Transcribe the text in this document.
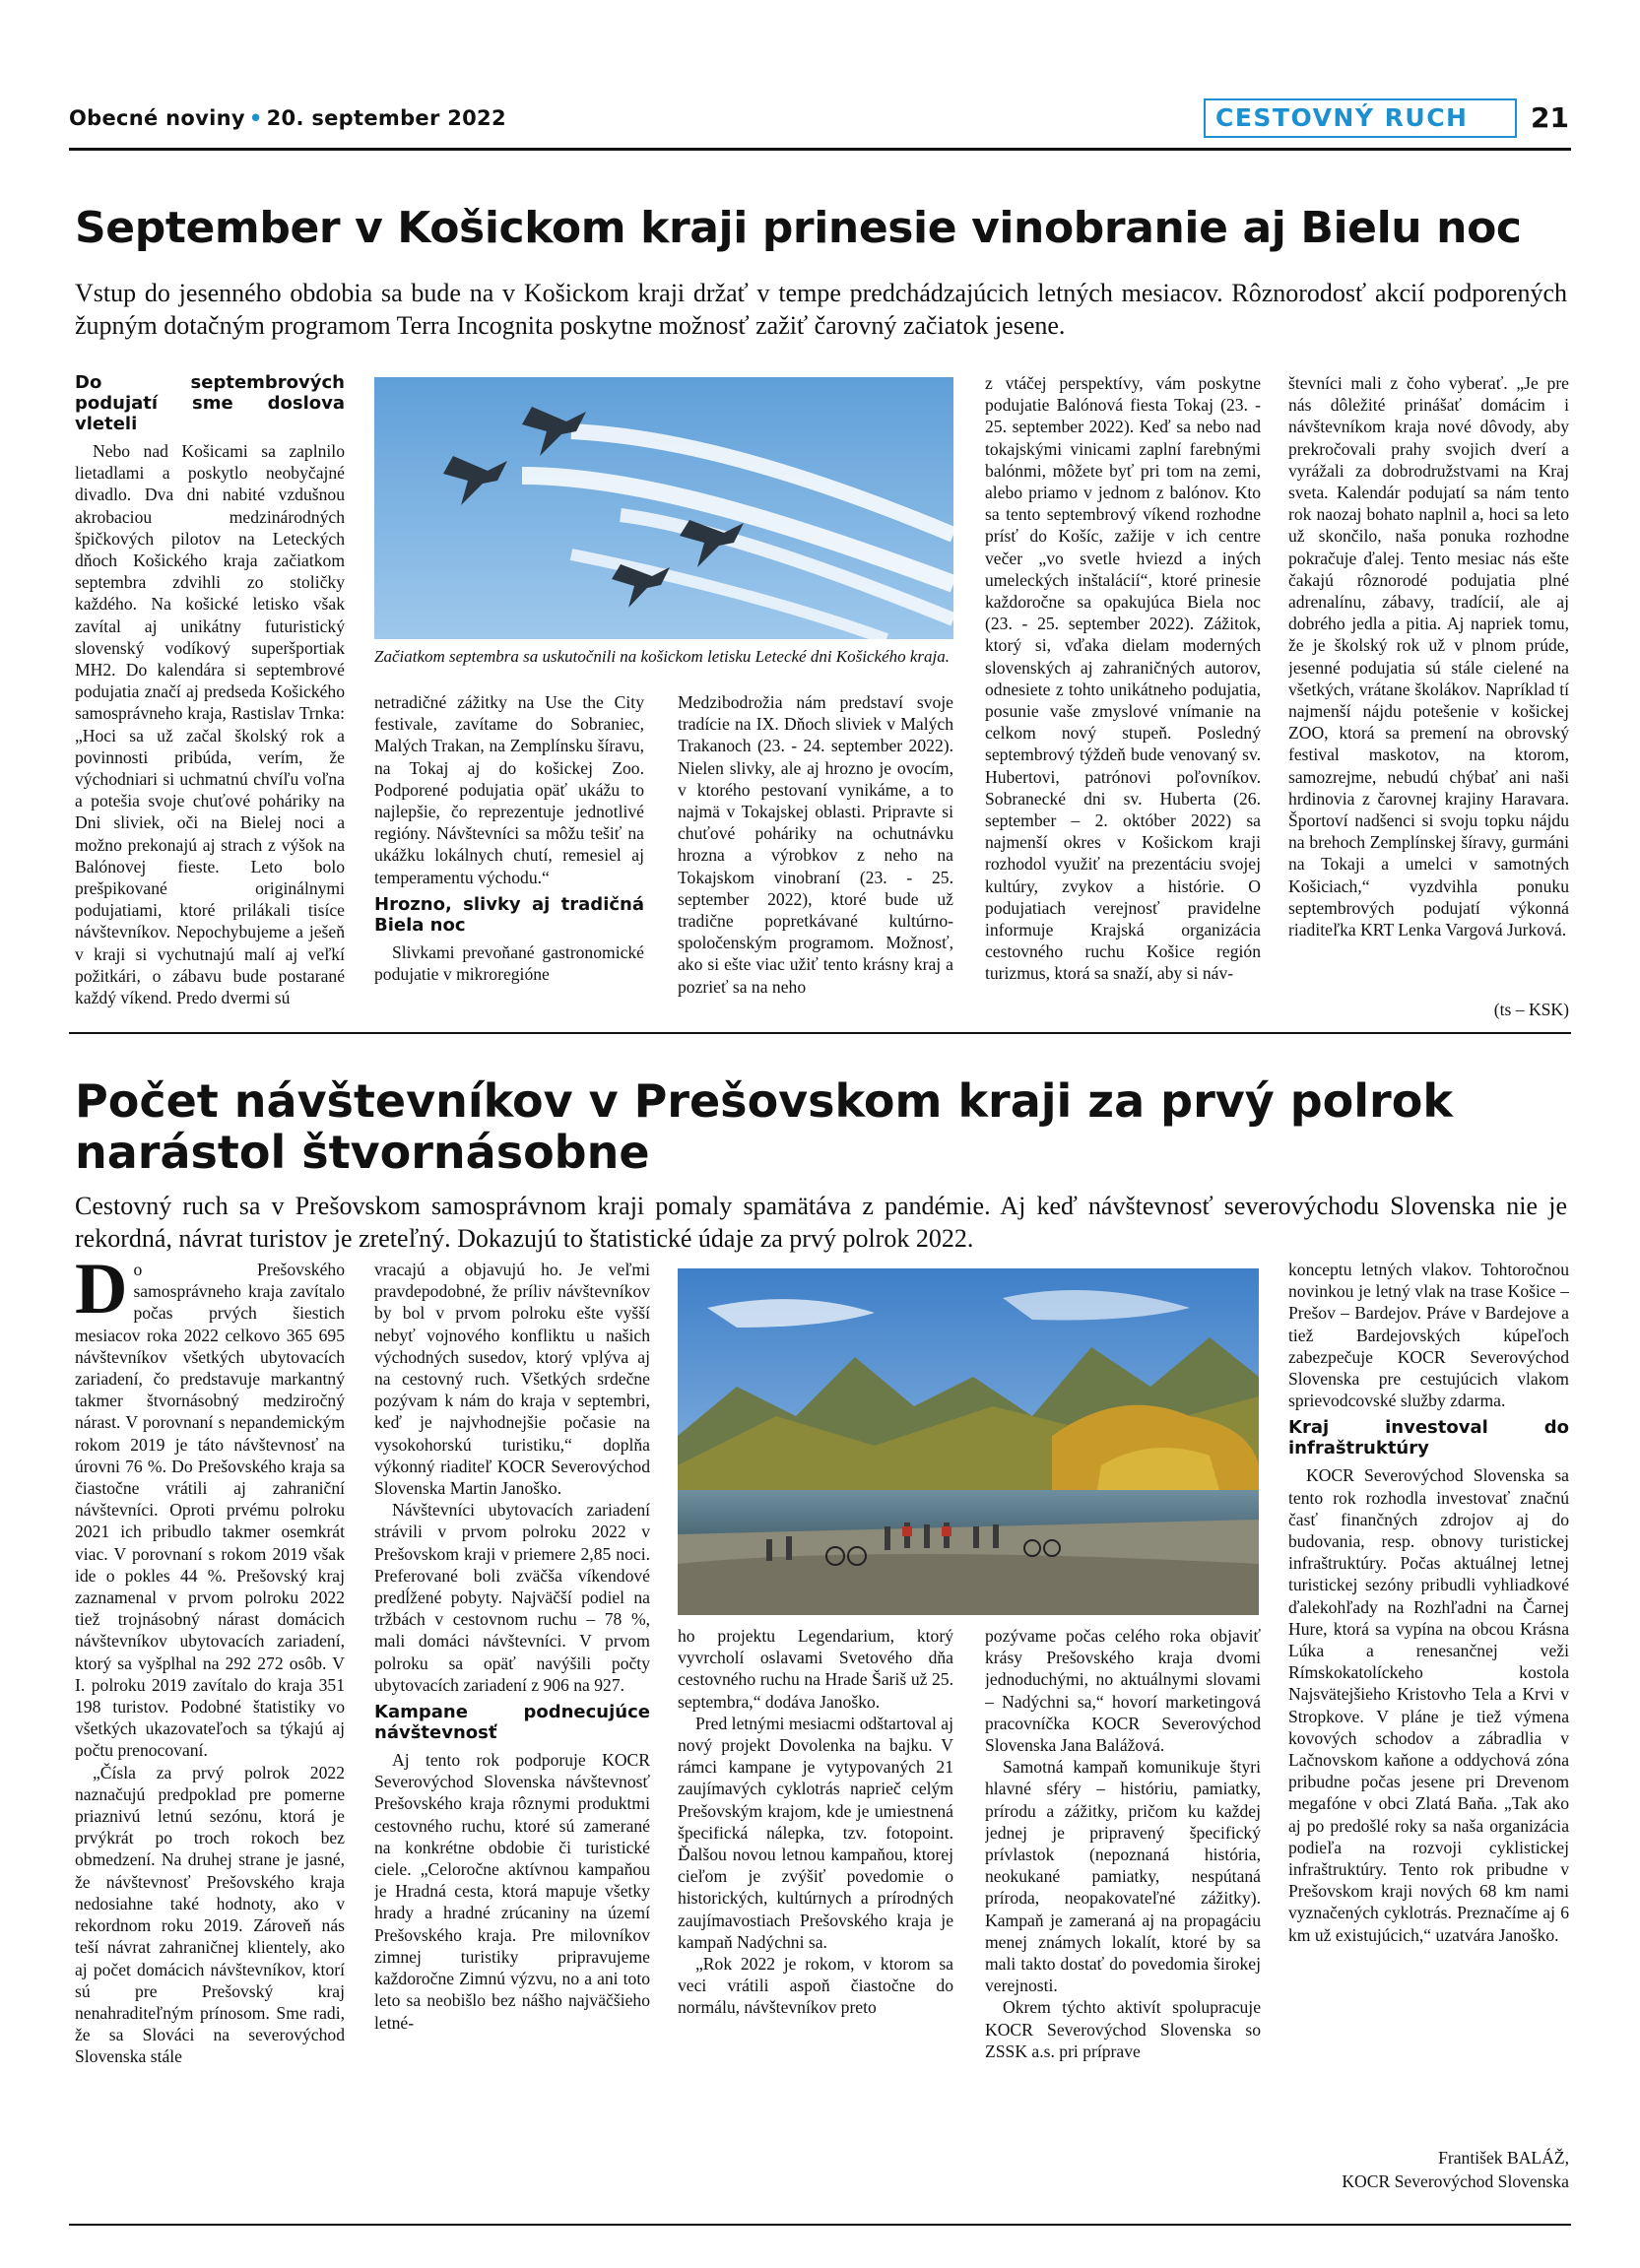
Obecné noviny • 20. september 2022	CESTOVNÝ RUCH	21
September v Košickom kraji prinesie vinobranie aj Bielu noc
Vstup do jesenného obdobia sa bude na v Košickom kraji držať v tempe predchádzajúcich letných mesiacov. Rôznorodosť akcií podporených župným dotačným programom Terra Incognita poskytne možnosť zažiť čarovný začiatok jesene.
Do septembrových podujatí sme doslova vleteli

Nebo nad Košicami sa zaplnilo lietadlami a poskytlo neobyčajné divadlo. Dva dni nabité vzdušnou akrobaciou medzinárodných špičkových pilotov na Leteckých dňoch Košického kraja začiatkom septembra zdvihli zo stoličky každého. Na košické letisko však zavítal aj unikátny futuristický slovenský vodíkový superšportiak MH2. Do kalendára si septembrové podujatia značí aj predseda Košického samosprávneho kraja, Rastislav Trnka: „Hoci sa už začal školský rok a povinnosti pribúda, verím, že východniari si uchmatnú chvíľu voľna a potešia svoje chuťové poháriky na Dni sliviek, oči na Bielej noci a možno prekonajú aj strach z výšok na Balónovej fieste. Leto bolo prešpikované originálnymi podujatiami, ktoré prilákali tisíce návštevníkov. Nepochybujeme a ješeň v kraji si vychutnajú malí aj veľkí požitkári, o zábavu bude postarané každý víkend. Predo dvermi sú

Začiatkom septembra sa uskutočnili na košickom letisku Letecké dni Košického kraja.

netradičné zážitky na Use the City festivale, zavítame do Sobraniec, Malých Trakan, na Zemplínsku šíravu, na Tokaj aj do košickej Zoo. Podporené podujatia opäť ukážu to najlepšie, čo reprezentuje jednotlivé regióny. Návštevníci sa môžu tešiť na ukážku lokálnych chutí, remesiel aj temperamentu východu.“

Hrozno, slivky aj tradičná Biela noc

Slivkami prevoňané gastronomické podujatie v mikroregióne

Medzibodrožia nám predstaví svoje tradície na IX. Dňoch sliviek v Malých Trakanoch (23. - 24. september 2022). Nielen slivky, ale aj hrozno je ovocím, v ktorého pestovaní vynikáme, a to najmä v Tokajskej oblasti. Pripravte si chuťové poháriky na ochutnávku hrozna a výrobkov z neho na Tokajskom vinobraní (23. - 25. september 2022), ktoré bude už tradične popretkávané kultúrno-spoločenským programom. Možnosť, ako si ešte viac užiť tento krásny kraj a pozrieť sa na neho

z vtáčej perspektívy, vám poskytne podujatie Balónová fiesta Tokaj (23. - 25. september 2022). Keď sa nebo nad tokajskými vinicami zaplní farebnými balónmi, môžete byť pri tom na zemi, alebo priamo v jednom z balónov. Kto sa tento septembrový víkend rozhodne prísť do Košíc, zažije v ich centre večer „vo svetle hviezd a iných umeleckých inštalácií“, ktoré prinesie každoročne sa opakujúca Biela noc (23. - 25. september 2022). Zážitok, ktorý si, vďaka dielam moderných slovenských aj zahraničných autorov, odnesiete z tohto unikátneho podujatia, posunie vaše zmyslové vnímanie na celkom nový stupeň. Posledný septembrový týždeň bude venovaný sv. Hubertovi, patrónovi poľovníkov. Sobranecké dni sv. Huberta (26. september – 2. október 2022) sa najmenší okres v Košickom kraji rozhodol využiť na prezentáciu svojej kultúry, zvykov a histórie. O podujatiach verejnosť pravidelne informuje Krajská organizácia cestovného ruchu Košice región turizmus, ktorá sa snaží, aby si náv-

števníci mali z čoho vyberať. „Je pre nás dôležité prinášať domácim i návštevníkom kraja nové dôvody, aby prekročovali prahy svojich dverí a vyrážali za dobrodružstvami na Kraj sveta. Kalendár podujatí sa nám tento rok naozaj bohato naplnil a, hoci sa leto už skončilo, naša ponuka rozhodne pokračuje ďalej. Tento mesiac nás ešte čakajú rôznorodé podujatia plné adrenalínu, zábavy, tradícií, ale aj dobrého jedla a pitia. Aj napriek tomu, že je školský rok už v plnom prúde, jesenné podujatia sú stále cielené na všetkých, vrátane školákov. Napríklad tí najmenší nájdu potešenie v košickej ZOO, ktorá sa premení na obrovský festival maskotov, na ktorom, samozrejme, nebudú chýbať ani naši hrdinovia z čarovnej krajiny Haravara. Športoví nadšenci si svoju topku nájdu na brehoch Zemplínskej šíravy, gurmáni na Tokaji a umelci v samotných Košiciach,“ vyzdvihla ponuku septembrových podujatí výkonná riaditeľka KRT Lenka Vargová Jurková.

(ts – KSK)
Počet návštevníkov v Prešovskom kraji za prvý polrok
narástol štvornásobne
Cestovný ruch sa v Prešovskom samosprávnom kraji pomaly spamätáva z pandémie. Aj keď návštevnosť severovýchodu Slovenska nie je rekordná, návrat turistov je zreteľný. Dokazujú to štatistické údaje za prvý polrok 2022.
D o Prešovského samosprávneho kraja zavítalo počas prvých šiestich mesiacov roka 2022 celkovo 365 695 návštevníkov všetkých ubytovacích zariadení, čo predstavuje markantný takmer štvornásobný medziročný nárast. V porovnaní s nepandemickým rokom 2019 je táto návštevnosť na úrovni 76 %. Do Prešovského kraja sa čiastočne vrátili aj zahraniční návštevníci. Oproti prvému polroku 2021 ich pribudlo takmer osemkrát viac. V porovnaní s rokom 2019 však ide o pokles 44 %. Prešovský kraj zaznamenal v prvom polroku 2022 tiež trojnásobný nárast domácich návštevníkov ubytovacích zariadení, ktorý sa vyšplhal na 292 272 osôb. V I. polroku 2019 zavítalo do kraja 351 198 turistov. Podobné štatistiky vo všetkých ukazovateľoch sa týkajú aj počtu prenocovaní.

„Čísla za prvý polrok 2022 naznačujú predpoklad pre pomerne priaznivú letnú sezónu, ktorá je prvýkrát po troch rokoch bez obmedzení. Na druhej strane je jasné, že návštevnosť Prešovského kraja nedosiahne také hodnoty, ako v rekordnom roku 2019. Zároveň nás teší návrat zahraničnej klientely, ako aj počet domácich návštevníkov, ktorí sú pre Prešovský kraj nenahraditeľným prínosom. Sme radi, že sa Slováci na severovýchod Slovenska stále

vracajú a objavujú ho. Je veľmi pravdepodobné, že príliv návštevníkov by bol v prvom polroku ešte vyšší nebyť vojnového konfliktu u našich východných susedov, ktorý vplýva aj na cestovný ruch. Všetkých srdečne pozývam k nám do kraja v septembri, keď je najvhodnejšie počasie na vysokohorskú turistiku,“ doplňa výkonný riaditeľ KOCR Severovýchod Slovenska Martin Janoško.

Návštevníci ubytovacích zariadení strávili v prvom polroku 2022 v Prešovskom kraji v priemere 2,85 noci. Preferované boli zväčša víkendové predĺžené pobyty. Najväčší podiel na tržbách v cestovnom ruchu – 78 %, mali domáci návštevníci. V prvom polroku sa opäť navýšili počty ubytovacích zariadení z 906 na 927.

Kampane podnecujúce návštevnosť

Aj tento rok podporuje KOCR Severovýchod Slovenska návštevnosť Prešovského kraja rôznymi produktmi cestovného ruchu, ktoré sú zamerané na konkrétne obdobie či turistické ciele. „Celoročne aktívnou kampaňou je Hradná cesta, ktorá mapuje všetky hrady a hradné zrúcaniny na území Prešovského kraja. Pre milovníkov zimnej turistiky pripravujeme každoročne Zimnú výzvu, no a ani toto leto sa neobišlo bez nášho najväčšieho letné-

ho projektu Legendarium, ktorý vyvrcholí oslavami Svetového dňa cestovného ruchu na Hrade Šariš už 25. septembra,“ dodáva Janoško.

Pred letnými mesiacmi odštartoval aj nový projekt Dovolenka na bajku. V rámci kampane je vytypovaných 21 zaujímavých cyklotrás naprieč celým Prešovským krajom, kde je umiestnená špecifická nálepka, tzv. fotopoint. Ďalšou novou letnou kampaňou, ktorej cieľom je zvýšiť povedomie o historických, kultúrnych a prírodných zaujímavostiach Prešovského kraja je kampaň Nadýchni sa.

„Rok 2022 je rokom, v ktorom sa veci vrátili aspoň čiastočne do normálu, návštevníkov preto

pozývame počas celého roka objaviť krásy Prešovského kraja dvomi jednoduchými, no aktuálnymi slovami – Nadýchni sa,“ hovorí marketingová pracovníčka KOCR Severovýchod Slovenska Jana Balážová.

Samotná kampaň komunikuje štyri hlavné sféry – históriu, pamiatky, prírodu a zážitky, pričom ku každej jednej je pripravený špecifický prívlastok (nepoznaná história, neokukané pamiatky, nespútaná príroda, neopakovateľné zážitky). Kampaň je zameraná aj na propagáciu menej známych lokalít, ktoré by sa mali takto dostať do povedomia širokej verejnosti.

Okrem týchto aktivít spolupracuje KOCR Severovýchod Slovenska so ZSSK a.s. pri príprave

konceptu letných vlakov. Tohtoročnou novinkou je letný vlak na trase Košice – Prešov – Bardejov. Práve v Bardejove a tiež Bardejovských kúpeľoch zabezpečuje KOCR Severovýchod Slovenska pre cestujúcich vlakom sprievodcovské služby zdarma.

Kraj investoval do infraštruktúry

KOCR Severovýchod Slovenska sa tento rok rozhodla investovať značnú časť finančných zdrojov aj do budovania, resp. obnovy turistickej infraštruktúry. Počas aktuálnej letnej turistickej sezóny pribudli vyhliadkové ďalekohľady na Rozhľadni na Čarnej Hure, ktorá sa vypína na obcou Krásna Lúka a renesančnej veži Rímskokatolíckeho kostola Najsvätejšieho Kristovho Tela a Krvi v Stropkove. V pláne je tiež výmena kovových schodov a zábradlia v Lačnovskom kaňone a oddychová zóna pribudne počas jesene pri Drevenom megafóne v obci Zlatá Baňa. „Tak ako aj po predošlé roky sa naša organizácia podieľa na rozvoji cyklistickej infraštruktúry. Tento rok pribudne v Prešovskom kraji nových 68 km nami vyznačených cyklotrás. Preznačíme aj 6 km už existujúcich,“ uzatvára Janoško.

František BALÁŽ,
KOCR Severovýchod Slovenska
